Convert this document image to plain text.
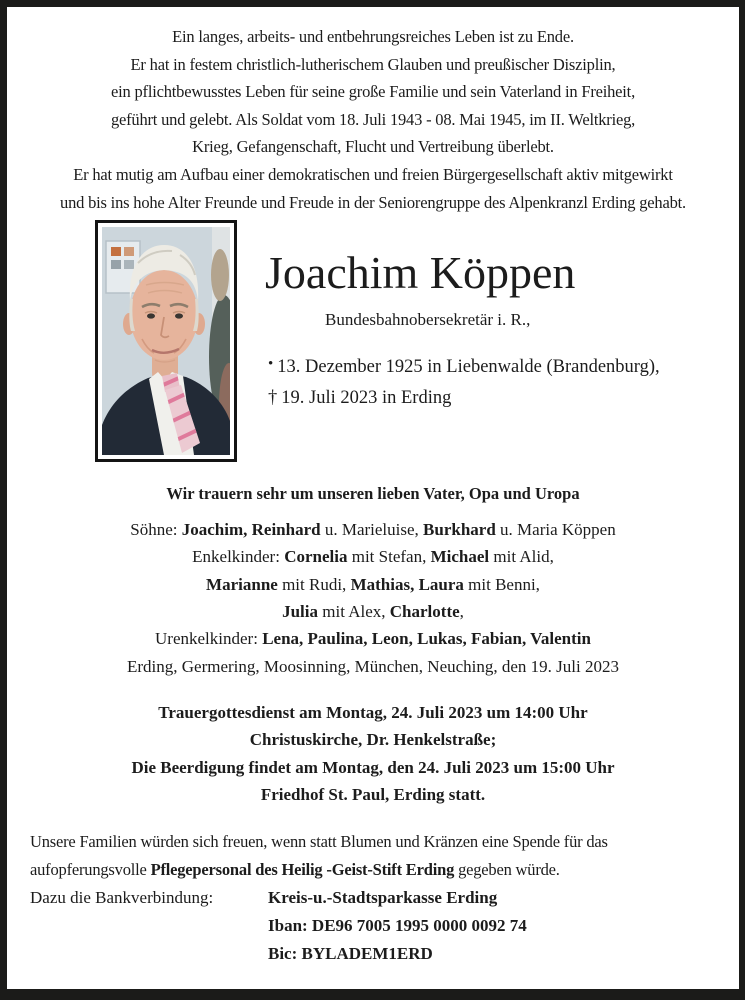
Ein langes, arbeits- und entbehrungsreiches Leben ist zu Ende.
Er hat in festem christlich-lutherischem Glauben und preußischer Disziplin,
ein pflichtbewusstes Leben für seine große Familie und sein Vaterland in Freiheit,
geführt und gelebt. Als Soldat vom 18. Juli 1943 - 08. Mai 1945, im II. Weltkrieg,
Krieg, Gefangenschaft, Flucht und Vertreibung überlebt.
Er hat mutig am Aufbau einer demokratischen und freien Bürgergesellschaft aktiv mitgewirkt
und bis ins hohe Alter Freunde und Freude in der Seniorengruppe des Alpenkranzl Erding gehabt.
Joachim Köppen
Bundesbahnobersekretär i. R.,
• 13. Dezember 1925 in Liebenwalde (Brandenburg),
† 19. Juli 2023 in Erding
Wir trauern sehr um unseren lieben Vater, Opa und Uropa
Söhne: Joachim, Reinhard u. Marieluise, Burkhard u. Maria Köppen
Enkelkinder: Cornelia mit Stefan, Michael mit Alid,
Marianne mit Rudi, Mathias, Laura mit Benni,
Julia mit Alex, Charlotte,
Urenkelkinder: Lena, Paulina, Leon, Lukas, Fabian, Valentin
Erding, Germering, Moosinning, München, Neuching, den 19. Juli 2023
Trauergottesdienst am Montag, 24. Juli 2023 um 14:00 Uhr
Christuskirche, Dr. Henkelstraße;
Die Beerdigung findet am Montag, den 24. Juli 2023 um 15:00 Uhr
Friedhof St. Paul, Erding statt.
Unsere Familien würden sich freuen, wenn statt Blumen und Kränzen eine Spende für das
aufopferungsvolle Pflegepersonal des Heilig -Geist-Stift Erding gegeben würde.
Dazu die Bankverbindung:	Kreis-u.-Stadtsparkasse Erding
Iban: DE96 7005 1995 0000 0092 74
Bic: BYLADEM1ERD
